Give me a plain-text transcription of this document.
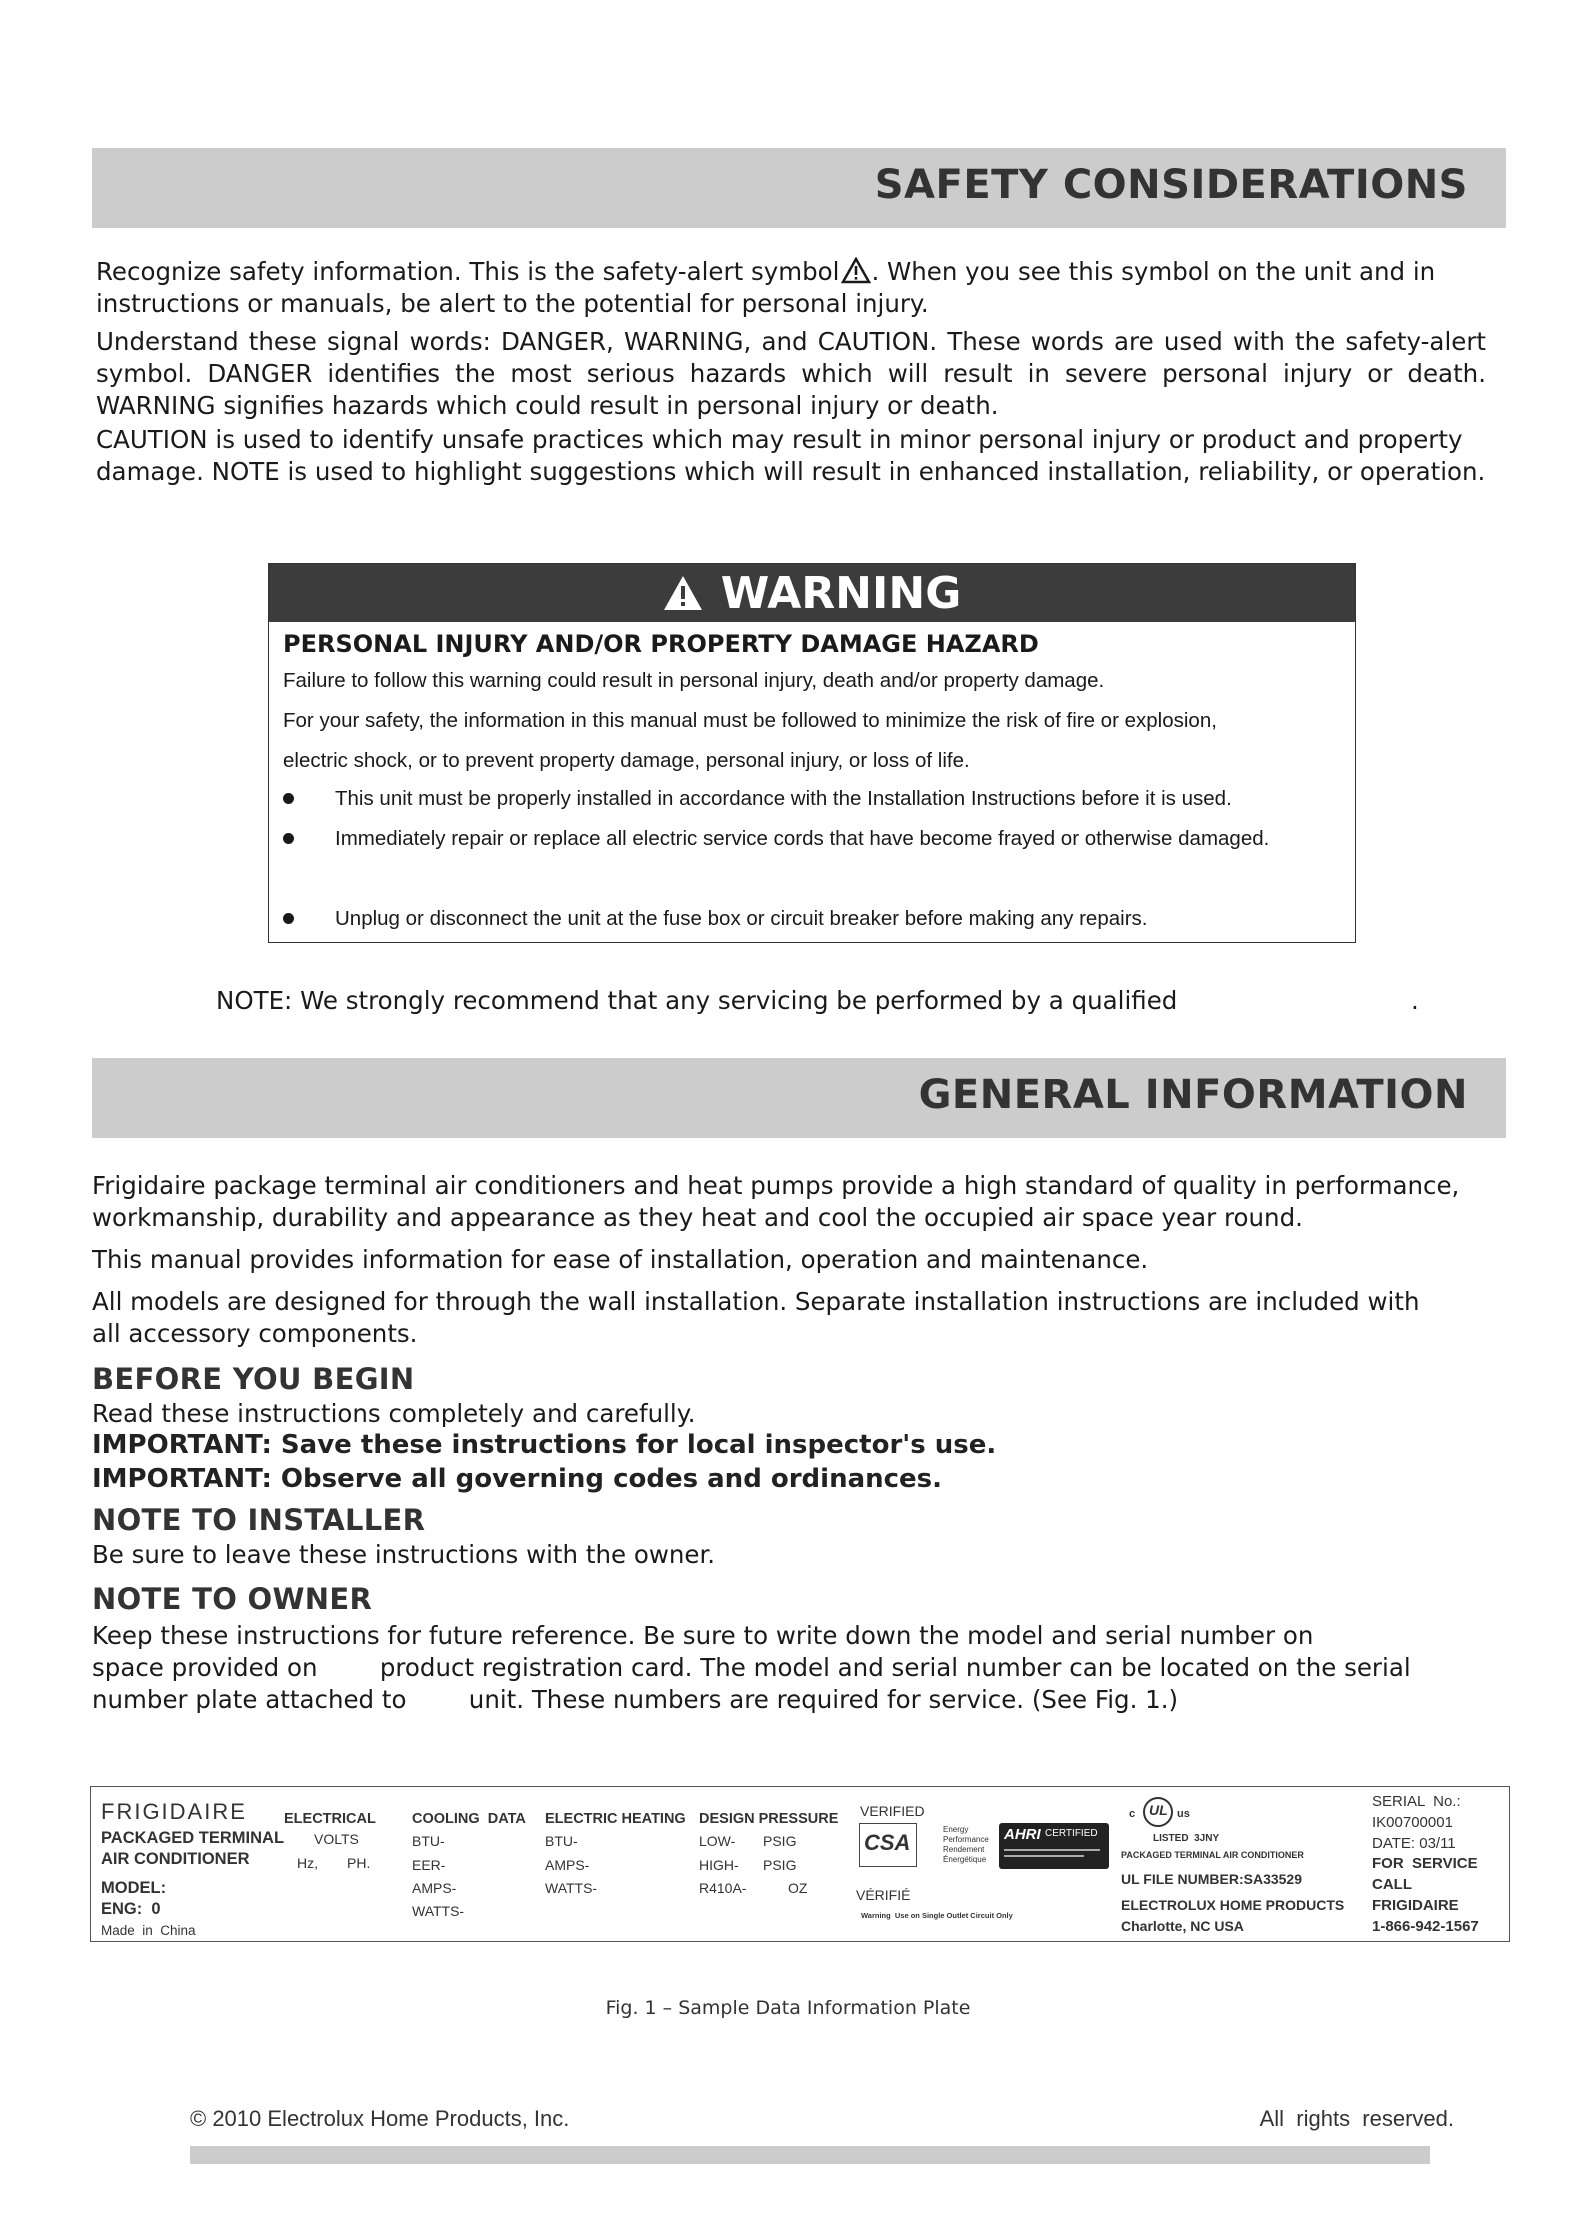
SAFETY CONSIDERATIONS

Recognize safety information. This is the safety-alert symbol . When you see this symbol on the unit and in instructions or manuals, be alert to the potential for personal injury.

Understand these signal words: DANGER, WARNING, and CAUTION. These words are used with the safety-alert symbol. DANGER identifies the most serious hazards which will result in severe personal injury or death. WARNING signifies hazards which could result in personal injury or death.

CAUTION is used to identify unsafe practices which may result in minor personal injury or product and property damage. NOTE is used to highlight suggestions which will result in enhanced installation, reliability, or operation.

WARNING
PERSONAL INJURY AND/OR PROPERTY DAMAGE HAZARD
Failure to follow this warning could result in personal injury, death and/or property damage.
For your safety, the information in this manual must be followed to minimize the risk of fire or explosion,
electric shock, or to prevent property damage, personal injury, or loss of life.
This unit must be properly installed in accordance with the Installation Instructions before it is used.
Immediately repair or replace all electric service cords that have become frayed or otherwise damaged.
Unplug or disconnect the unit at the fuse box or circuit breaker before making any repairs.

NOTE: We strongly recommend that any servicing be performed by a qualified	.

GENERAL INFORMATION

Frigidaire package terminal air conditioners and heat pumps provide a high standard of quality in performance, workmanship, durability and appearance as they heat and cool the occupied air space year round.

This manual provides information for ease of installation, operation and maintenance.

All models are designed for through the wall installation. Separate installation instructions are included with all accessory components.

BEFORE YOU BEGIN

Read these instructions completely and carefully.

IMPORTANT: Save these instructions for local inspector's use.

IMPORTANT: Observe all governing codes and ordinances.

NOTE TO INSTALLER

Be sure to leave these instructions with the owner.

NOTE TO OWNER

Keep these instructions for future reference. Be sure to write down the model and serial number on

space provided on        product registration card. The model and serial number can be located on the serial

number plate attached to        unit. These numbers are required for service. (See Fig. 1.)

FRIGIDAIRE
PACKAGED TERMINAL
AIR CONDITIONER
MODEL:
ENG:  0
Made  in  China
ELECTRICAL
VOLTS
Hz, PH.
COOLING  DATA
BTU-
EER-
AMPS-
WATTS-
ELECTRIC HEATING
BTU-
AMPS-
WATTS-
DESIGN PRESSURE
LOW-
HIGH-
R410A-
PSIG
PSIG
OZ
VERIFIED
CSA
VÉRIFIÉ
Energy
Performance
Rendement
Énergétique
AHRI CERTIFIED
Warning  Use on Single Outlet Circuit Only
c UL us
LISTED  3JNY
PACKAGED TERMINAL AIR CONDITIONER
UL FILE NUMBER:SA33529
ELECTROLUX HOME PRODUCTS
Charlotte, NC USA
SERIAL  No.:
IK00700001
DATE: 03/11
FOR  SERVICE
CALL
FRIGIDAIRE
1-866-942-1567
Fig. 1 – Sample Data Information Plate
© 2010 Electrolux Home Products, Inc.	All  rights  reserved.
